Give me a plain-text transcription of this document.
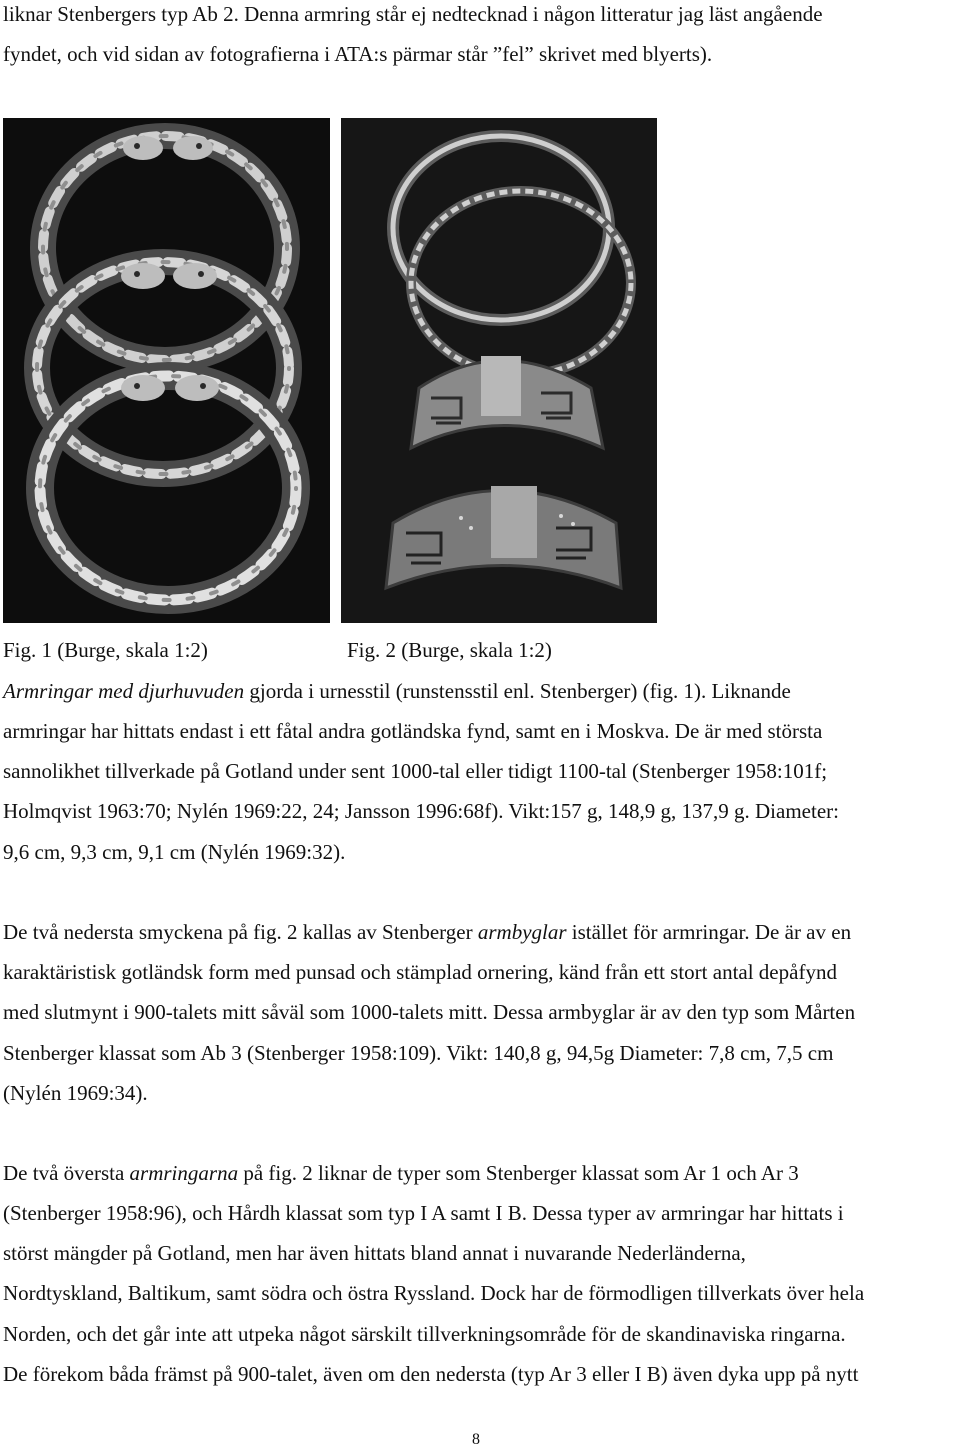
liknar Stenbergers typ Ab 2. Denna armring står ej nedtecknad i någon litteratur jag läst angående
fyndet, och vid sidan av fotografierna i ATA:s pärmar står ”fel” skrivet med blyerts).
Fig. 1 (Burge, skala 1:2)	Fig. 2 (Burge, skala 1:2)
Armringar med djurhuvuden gjorda i urnesstil (runstensstil enl. Stenberger) (fig. 1). Liknande
armringar har hittats endast i ett fåtal andra gotländska fynd, samt en i Moskva. De är med största
sannolikhet tillverkade på Gotland under sent 1000-tal eller tidigt 1100-tal (Stenberger 1958:101f;
Holmqvist 1963:70; Nylén 1969:22, 24; Jansson 1996:68f). Vikt:157 g, 148,9 g, 137,9 g. Diameter:
9,6 cm, 9,3 cm, 9,1 cm (Nylén 1969:32).
De två nedersta smyckena på fig. 2 kallas av Stenberger armbyglar istället för armringar. De är av en
karaktäristisk gotländsk form med punsad och stämplad ornering, känd från ett stort antal depåfynd
med slutmynt i 900-talets mitt såväl som 1000-talets mitt. Dessa armbyglar är av den typ som Mårten
Stenberger klassat som Ab 3 (Stenberger 1958:109). Vikt: 140,8 g, 94,5g Diameter: 7,8 cm, 7,5 cm
(Nylén 1969:34).
De två översta armringarna på fig. 2 liknar de typer som Stenberger klassat som Ar 1 och Ar 3
(Stenberger 1958:96), och Hårdh klassat som typ I A samt I B. Dessa typer av armringar har hittats i
störst mängder på Gotland, men har även hittats bland annat i nuvarande Nederländerna,
Nordtyskland, Baltikum, samt södra och östra Ryssland. Dock har de förmodligen tillverkats över hela
Norden, och det går inte att utpeka något särskilt tillverkningsområde för de skandinaviska ringarna.
De förekom båda främst på 900-talet, även om den nedersta (typ Ar 3 eller I B) även dyka upp på nytt
8
